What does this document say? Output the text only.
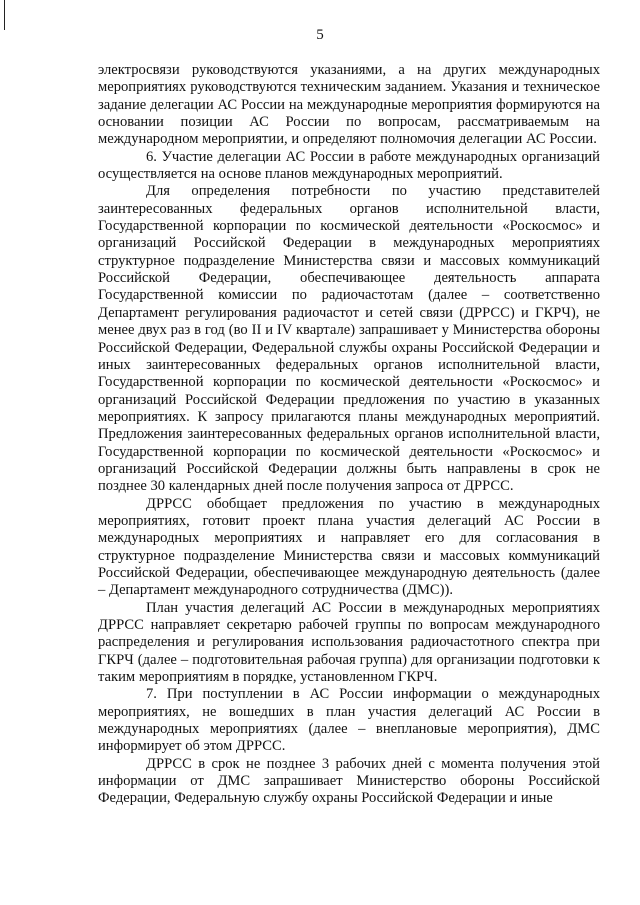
5

электросвязи руководствуются указаниями, а на других международных мероприятиях руководствуются техническим заданием. Указания и техническое задание делегации АС России на международные мероприятия формируются на основании позиции АС России по вопросам, рассматриваемым на международном мероприятии, и определяют полномочия делегации АС России.

6. Участие делегации АС России в работе международных организаций осуществляется на основе планов международных мероприятий.

Для определения потребности по участию представителей заинтересованных федеральных органов исполнительной власти, Государственной корпорации по космической деятельности «Роскосмос» и организаций Российской Федерации в международных мероприятиях структурное подразделение Министерства связи и массовых коммуникаций Российской Федерации, обеспечивающее деятельность аппарата Государственной комиссии по радиочастотам (далее – соответственно Департамент регулирования радиочастот и сетей связи (ДРРСС) и ГКРЧ), не менее двух раз в год (во II и IV квартале) запрашивает у Министерства обороны Российской Федерации, Федеральной службы охраны Российской Федерации и иных заинтересованных федеральных органов исполнительной власти, Государственной корпорации по космической деятельности «Роскосмос» и организаций Российской Федерации предложения по участию в указанных мероприятиях. К запросу прилагаются планы международных мероприятий. Предложения заинтересованных федеральных органов исполнительной власти, Государственной корпорации по космической деятельности «Роскосмос» и организаций Российской Федерации должны быть направлены в срок не позднее 30 календарных дней после получения запроса от ДРРСС.

ДРРСС обобщает предложения по участию в международных мероприятиях, готовит проект плана участия делегаций АС России в международных мероприятиях и направляет его для согласования в структурное подразделение Министерства связи и массовых коммуникаций Российской Федерации, обеспечивающее международную деятельность (далее – Департамент международного сотрудничества (ДМС)).

План участия делегаций АС России в международных мероприятиях ДРРСС направляет секретарю рабочей группы по вопросам международного распределения и регулирования использования радиочастотного спектра при ГКРЧ (далее – подготовительная рабочая группа) для организации подготовки к таким мероприятиям в порядке, установленном ГКРЧ.

7. При поступлении в АС России информации о международных мероприятиях, не вошедших в план участия делегаций АС России в международных мероприятиях (далее – внеплановые мероприятия), ДМС информирует об этом ДРРСС.

ДРРСС в срок не позднее 3 рабочих дней с момента получения этой информации от ДМС запрашивает Министерство обороны Российской Федерации, Федеральную службу охраны Российской Федерации и иные
